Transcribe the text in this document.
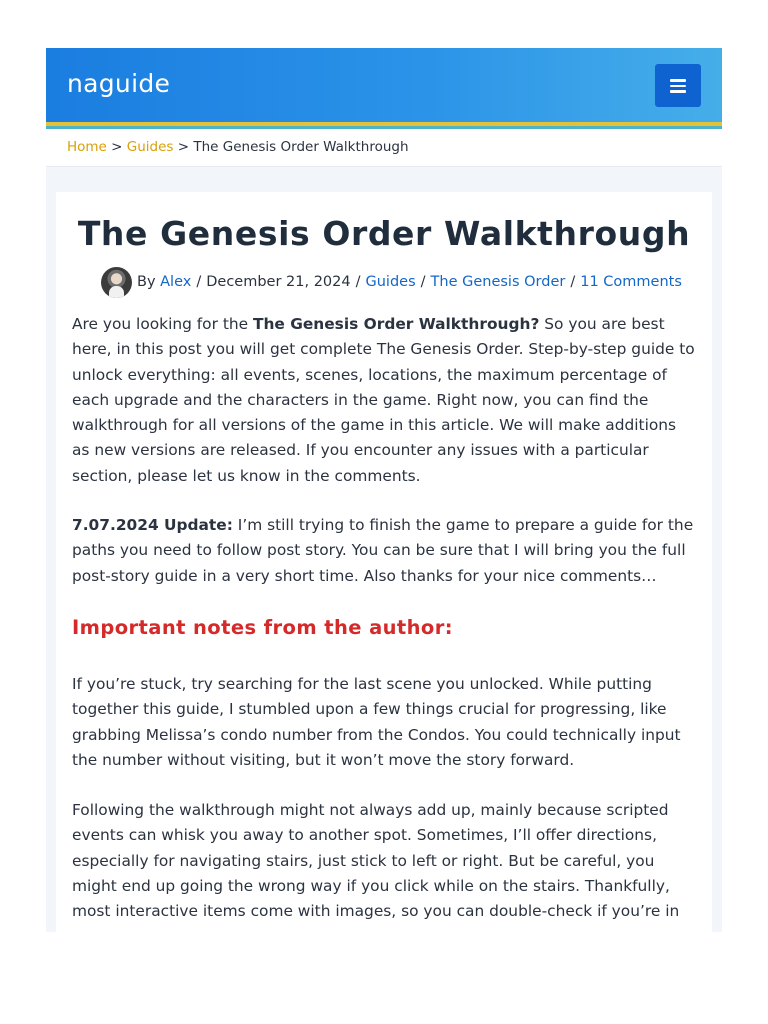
naguide
Home > Guides > The Genesis Order Walkthrough
The Genesis Order Walkthrough
By
Alex / December 21, 2024 / Guides / The Genesis Order / 11 Comments

Are you looking for the The Genesis Order Walkthrough? So you are best here, in this post you will get complete The Genesis Order. Step-by-step guide to unlock everything: all events, scenes, locations, the maximum percentage of each upgrade and the characters in the game. Right now, you can find the walkthrough for all versions of the game in this article. We will make additions as new versions are released. If you encounter any issues with a particular section, please let us know in the comments.

7.07.2024 Update: I’m still trying to finish the game to prepare a guide for the paths you need to follow post story. You can be sure that I will bring you the full post-story guide in a very short time. Also thanks for your nice comments…

Important notes from the author:

If you’re stuck, try searching for the last scene you unlocked. While putting together this guide, I stumbled upon a few things crucial for progressing, like grabbing Melissa’s condo number from the Condos. You could technically input the number without visiting, but it won’t move the story forward.

Following the walkthrough might not always add up, mainly because scripted events can whisk you away to another spot. Sometimes, I’ll offer directions, especially for navigating stairs, just stick to left or right. But be careful, you might end up going the wrong way if you click while on the stairs. Thankfully, most interactive items come with images, so you can double-check if you’re in
